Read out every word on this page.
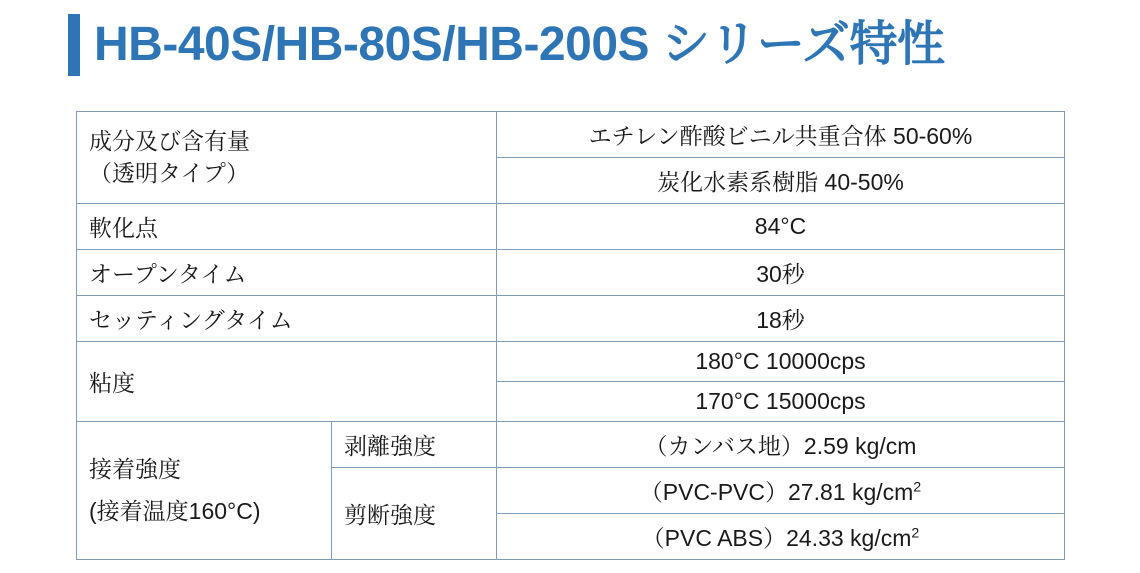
HB-40S/HB-80S/HB-200S シリーズ特性
成分及び含有量
（透明タイプ）		エチレン酢酸ビニル共重合体 50-60%
		炭化水素系樹脂 40-50%
軟化点		84°C
オープンタイム		30秒
セッティングタイム		18秒
粘度		180°C 10000cps
		170°C 15000cps

接着強度
(接着温度160°C)	剥離強度	（カンバス地）2.59 kg/cm
	剪断強度	（PVC-PVC）27.81 $kg/cm^2$
		（PVC ABS）24.33 $kg/cm^2$
